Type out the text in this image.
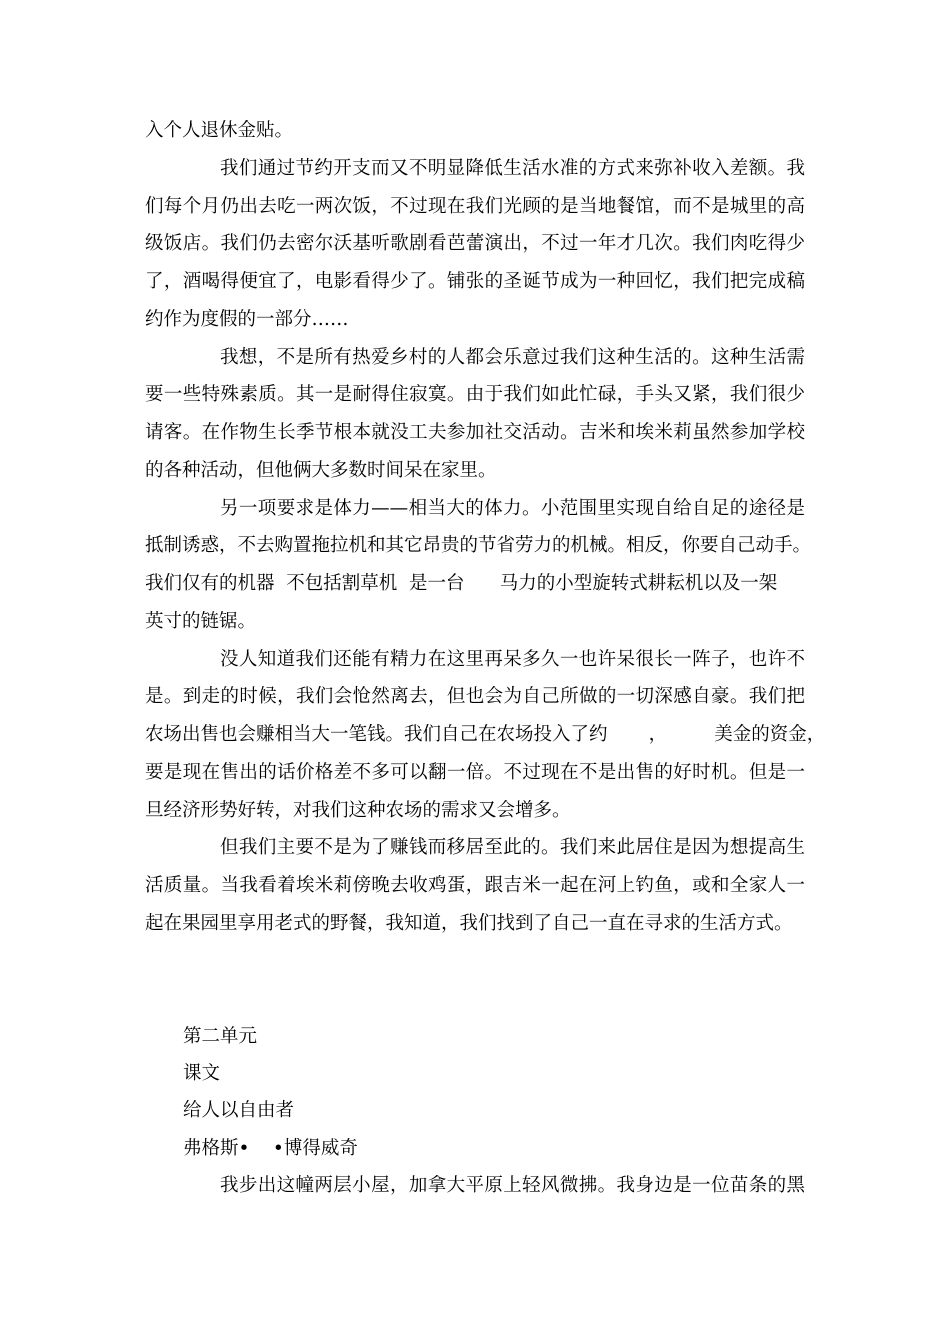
入个人退休金贴。
我们通过节约开支而又不明显降低生活水准的方式来弥补收入差额。我
们每个月仍出去吃一两次饭，不过现在我们光顾的是当地餐馆，而不是城里的高
级饭店。我们仍去密尔沃基听歌剧看芭蕾演出，不过一年才几次。我们肉吃得少
了，酒喝得便宜了，电影看得少了。铺张的圣诞节成为一种回忆，我们把完成稿
约作为度假的一部分……
我想，不是所有热爱乡村的人都会乐意过我们这种生活的。这种生活需
要一些特殊素质。其一是耐得住寂寞。由于我们如此忙碌，手头又紧，我们很少
请客。在作物生长季节根本就没工夫参加社交活动。吉米和埃米莉虽然参加学校
的各种活动，但他俩大多数时间呆在家里。
另一项要求是体力——相当大的体力。小范围里实现自给自足的途径是
抵制诱惑，不去购置拖拉机和其它昂贵的节省劳力的机械。相反，你要自己动手。
我们仅有的机器  不包括割草机  是一台      马力的小型旋转式耕耘机以及一架
英寸的链锯。
没人知道我们还能有精力在这里再呆多久一也许呆很长一阵子，也许不
是。到走的时候，我们会怆然离去，但也会为自己所做的一切深感自豪。我们把
农场出售也会赚相当大一笔钱。我们自己在农场投入了约       ，        美金的资金，
要是现在售出的话价格差不多可以翻一倍。不过现在不是出售的好时机。但是一
旦经济形势好转，对我们这种农场的需求又会增多。
但我们主要不是为了赚钱而移居至此的。我们来此居住是因为想提高生
活质量。当我看着埃米莉傍晚去收鸡蛋，跟吉米一起在河上钓鱼，或和全家人一
起在果园里享用老式的野餐，我知道，我们找到了自己一直在寻求的生活方式。
第二单元
课文
给人以自由者
弗格斯•    •博得威奇
我步出这幢两层小屋，加拿大平原上轻风微拂。我身边是一位苗条的黑
